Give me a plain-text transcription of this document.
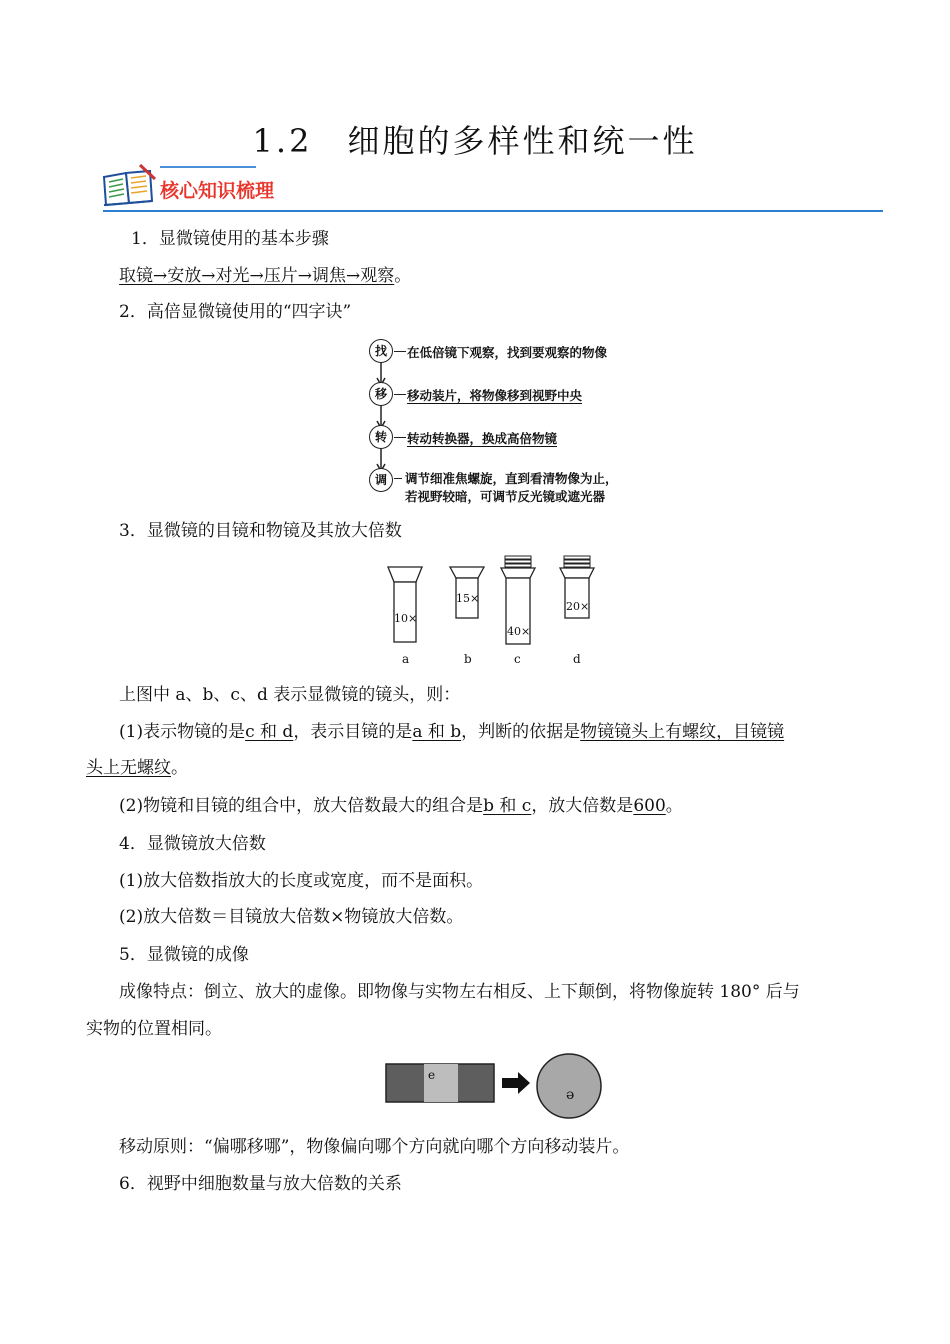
1.2　细胞的多样性和统一性
核心知识梳理
1．显微镜使用的基本步骤
取镜→安放→对光→压片→调焦→观察。
2．高倍显微镜使用的“四字诀”
找
移
转
调
在低倍镜下观察，找到要观察的物像
移动装片，将物像移到视野中央
转动转换器，换成高倍物镜
调节细准焦螺旋，直到看清物像为止，
若视野较暗，可调节反光镜或遮光器
3．显微镜的目镜和物镜及其放大倍数
10×
15×
40×
20×
a	b	c	d
上图中 a、b、c、d 表示显微镜的镜头，则：
(1)表示物镜的是c 和 d，表示目镜的是a 和 b，判断的依据是物镜镜头上有螺纹，目镜镜
头上无螺纹。
(2)物镜和目镜的组合中，放大倍数最大的组合是b 和 c，放大倍数是600。
4．显微镜放大倍数
(1)放大倍数指放大的长度或宽度，而不是面积。
(2)放大倍数＝目镜放大倍数×物镜放大倍数。
5．显微镜的成像
成像特点：倒立、放大的虚像。即物像与实物左右相反、上下颠倒，将物像旋转 180° 后与
实物的位置相同。
e
ə
移动原则：“偏哪移哪”，物像偏向哪个方向就向哪个方向移动装片。
6．视野中细胞数量与放大倍数的关系
